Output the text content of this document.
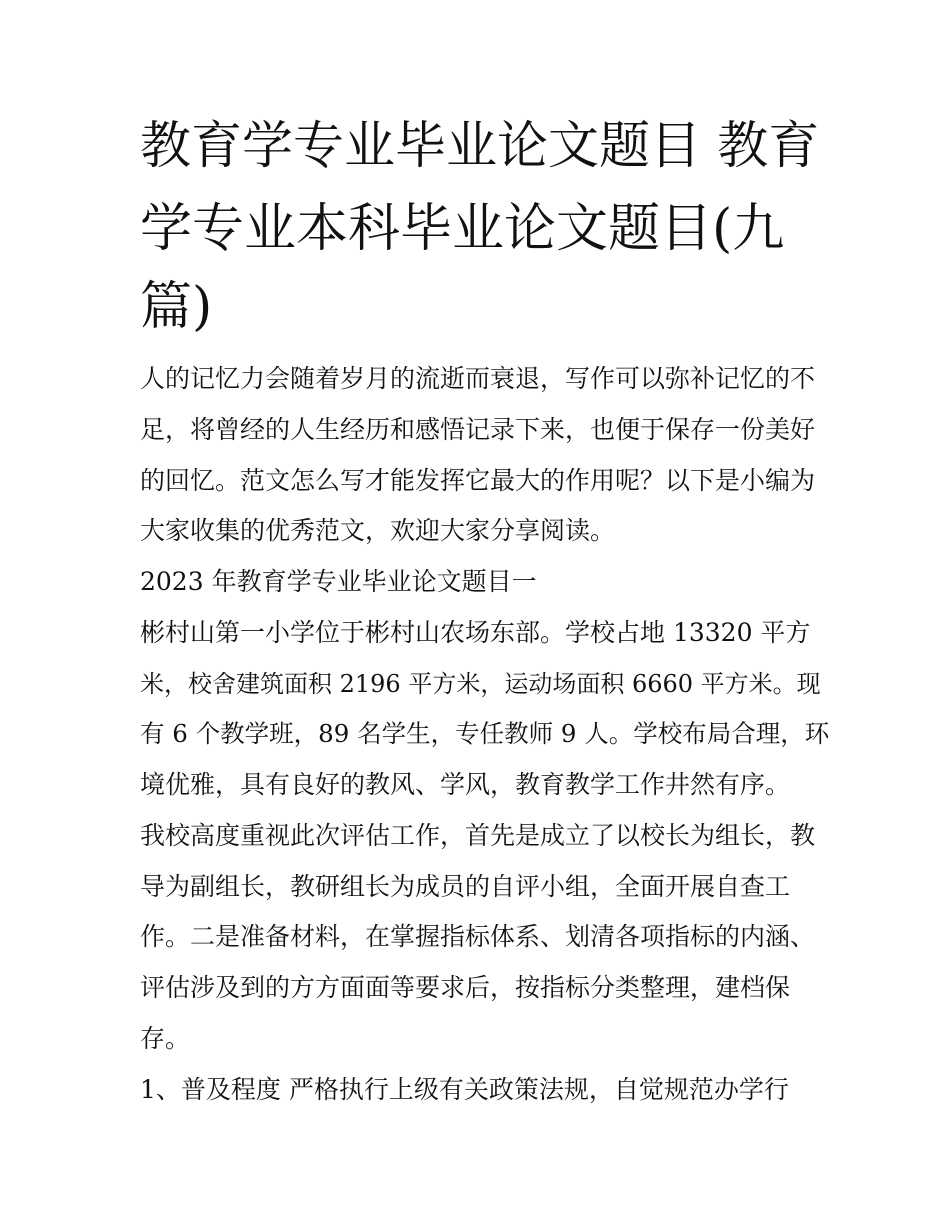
教育学专业毕业论文题目 教育
学专业本科毕业论文题目(九
篇)

人的记忆力会随着岁月的流逝而衰退，写作可以弥补记忆的不

足，将曾经的人生经历和感悟记录下来，也便于保存一份美好

的回忆。范文怎么写才能发挥它最大的作用呢？以下是小编为

大家收集的优秀范文，欢迎大家分享阅读。

2023 年教育学专业毕业论文题目一

彬村山第一小学位于彬村山农场东部。学校占地 13320 平方

米，校舍建筑面积 2196 平方米，运动场面积 6660 平方米。现

有 6 个教学班，89 名学生，专任教师 9 人。学校布局合理，环

境优雅，具有良好的教风、学风，教育教学工作井然有序。

我校高度重视此次评估工作，首先是成立了以校长为组长，教

导为副组长，教研组长为成员的自评小组，全面开展自查工

作。二是准备材料，在掌握指标体系、划清各项指标的内涵、

评估涉及到的方方面面等要求后，按指标分类整理，建档保

存。

1、普及程度 严格执行上级有关政策法规，自觉规范办学行
